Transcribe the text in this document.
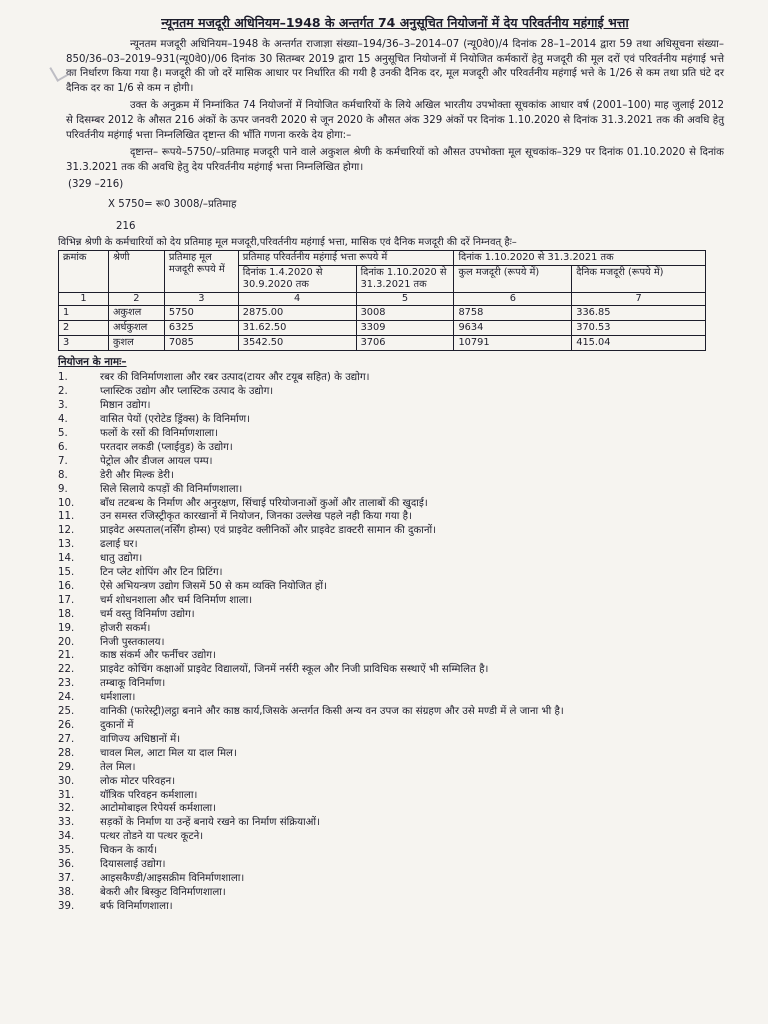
न्यूनतम मजदूरी अधिनियम–1948 के अन्तर्गत 74 अनुसूचित नियोजनों में देय परिवर्तनीय महंगाई भत्ता

न्यूनतम मजदूरी अधिनियम–1948 के अन्तर्गत राजाज्ञा संख्या–194/36–3–2014–07 (न्यू0वे0)/4 दिनांक 28–1–2014 द्वारा 59 तथा अधिसूचना संख्या–850/36–03–2019–931(न्यू0वे0)/06 दिनांक 30 सितम्बर 2019 द्वारा 15 अनुसूचित नियोजनों में नियोजित कर्मकारों हेतु मजदूरी की मूल दरों एवं परिवर्तनीय महंगाई भत्ते का निर्धारण किया गया है। मजदूरी की जो दरें मासिक आधार पर निर्धारित की गयी है उनकी दैनिक दर, मूल मजदूरी और परिवर्तनीय महंगाई भत्ते के 1/26 से कम तथा प्रति घंटे दर दैनिक दर का 1/6 से कम न होगी।

उक्त के अनुक्रम में निम्नांकित 74 नियोजनों में नियोजित कर्मचारियों के लिये अखिल भारतीय उपभोक्ता सूचकांक आधार वर्ष (2001–100) माह जुलाई 2012 से दिसम्बर 2012 के औसत 216 अंकों के ऊपर जनवरी 2020 से जून 2020 के औसत अंक 329 अंकों पर दिनांक 1.10.2020 से दिनांक 31.3.2021 तक की अवधि हेतु परिवर्तनीय महंगाई भत्ता निम्नलिखित दृष्टान्त की भाँति गणना करके देय होगा:–

दृष्टान्त– रूपये–5750/–प्रतिमाह मजदूरी पाने वाले अकुशल श्रेणी के कर्मचारियों को औसत उपभोक्ता मूल सूचकांक–329 पर दिनांक 01.10.2020 से दिनांक 31.3.2021 तक की अवधि हेतु देय परिवर्तनीय महंगाई भत्ता निम्नलिखित होगा।

(329 –216)
X 5750= रू0 3008/–प्रतिमाह
216
विभिन्न श्रेणी के कर्मचारियों को देय प्रतिमाह मूल मजदूरी,परिवर्तनीय महंगाई भत्ता, मासिक एवं दैनिक मजदूरी की दरें निम्नवत् हैः–
क्रमांक	श्रेणी	प्रतिमाह मूल मजदूरी रूपये में	प्रतिमाह परिवर्तनीय महंगाई भत्ता रूपये में		दिनांक 1.10.2020 से 31.3.2021 तक	
			दिनांक 1.4.2020 से 30.9.2020 तक	दिनांक 1.10.2020 से 31.3.2021 तक	कुल मजदूरी (रूपये में)	दैनिक मजदूरी (रूपये में)
1	2	3	4	5	6	7
1	अकुशल	5750	2875.00	3008	8758	336.85
2	अर्धकुशल	6325	31.62.50	3309	9634	370.53
3	कुशल	7085	3542.50	3706	10791	415.04
नियोजन के नामः–
1.	रबर की विनिर्माणशाला और रबर उत्पाद(टायर और टयूब सहित) के उद्योग।
2.	प्लास्टिक उद्योग और प्लास्टिक उत्पाद के उद्योग।
3.	मिष्ठान उद्योग।
4.	वासित पेयों (एरोटेड ड्रिंक्स) के विनिर्माण।
5.	फलों के रसों की विनिर्माणशाला।
6.	परतदार लकडी (प्लाईवुड) के उद्योग।
7.	पेट्रोल और डीजल आयल पम्प।
8.	डेरी और मिल्क डेरी।
9.	सिले सिलाये कपड़ों की विनिर्माणशाला।
10.	बाँध तटबन्ध के निर्माण और अनुरक्षण, सिंचाई परियोजनाओं कुओं और तालाबों की खुदाई।
11.	उन समस्त रजिस्ट्रीकृत कारखानों में नियोजन, जिनका उल्लेख पहले नही किया गया है।
12.	प्राइवेट अस्पताल(नर्सिंग होम्स) एवं प्राइवेट क्लीनिकों और प्राइवेट डाक्टरी सामान की दुकानों।
13.	ढलाई घर।
14.	धातु उद्योग।
15.	टिन प्लेट शोपिंग और टिन प्रिटिंग।
16.	ऐसे अभियन्त्रण उद्योग जिसमें 50 से कम व्यक्ति नियोजित हों।
17.	चर्म शोधनशाला और चर्म विनिर्माण शाला।
18.	चर्म वस्तु विनिर्माण उद्योग।
19.	होजरी सकर्म।
20.	निजी पुस्तकालय।
21.	काष्ठ संकर्म और फर्नीचर उद्योग।
22.	प्राइवेट कोचिंग कक्षाओं प्राइवेट विद्यालयों, जिनमें नर्सरी स्कूल और निजी प्राविधिक सस्थाऐं भी सम्मिलित है।
23.	तम्बाकू विनिर्माण।
24.	धर्मशाला।
25.	वानिकी (फारेस्ट्री)लट्ठा बनाने और काष्ठ कार्य,जिसके अन्तर्गत किसी अन्य वन उपज का संग्रहण और उसे मण्डी में ले जाना भी है।
26.	दुकानों में
27.	वाणिज्य अधिष्ठानों में।
28.	चावल मिल, आटा मिल या दाल मिल।
29.	तेल मिल।
30.	लोक मोटर परिवहन।
31.	यॉत्रिक परिवहन कर्मशाला।
32.	आटोमोबाइल रिपेयर्स कर्मशाला।
33.	सड़कों के निर्माण या उन्हें बनाये रखने का निर्माण संक्रियाओं।
34.	पत्थर तोडने या पत्थर कूटने।
35.	चिकन के कार्य।
36.	दियासलाई उद्योग।
37.	आइसकैण्डी/आइसक्रीम विनिर्माणशाला।
38.	बेकरी और बिस्कुट विनिर्माणशाला।
39.	बर्फ विनिर्माणशाला।
